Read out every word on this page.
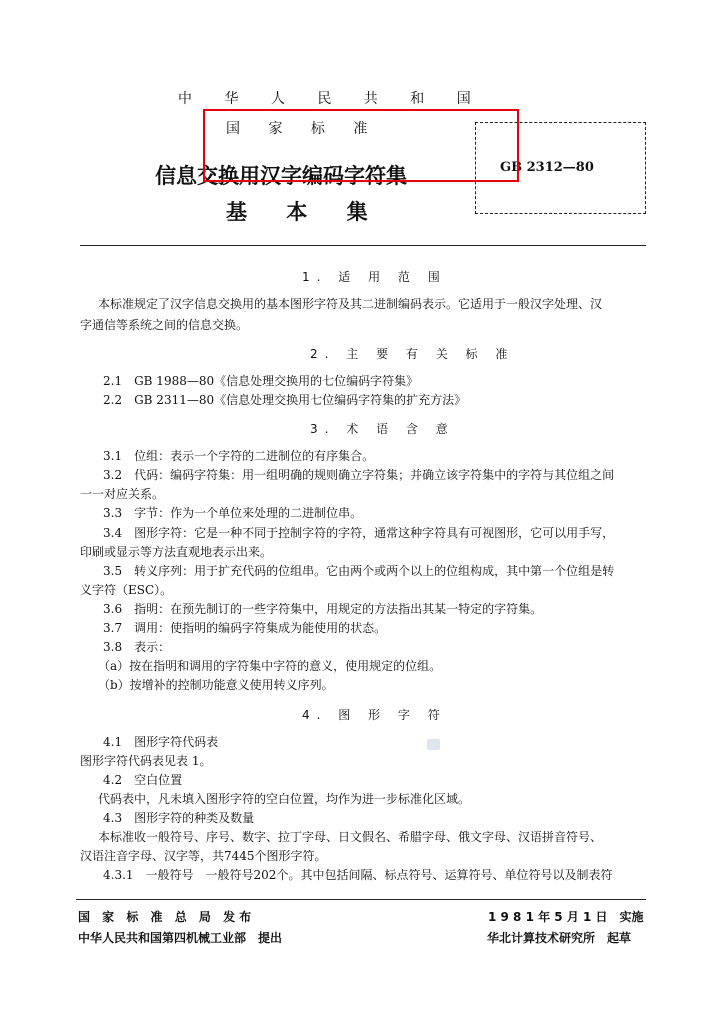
中 华 人 民 共 和 国
国 家 标 准
信息交换用汉字编码字符集
基 本 集
GB 2312—80
1. 适 用 范 围
本标准规定了汉字信息交换用的基本图形字符及其二进制编码表示。它适用于一般汉字处理、汉
字通信等系统之间的信息交换。
2. 主 要 有 关 标 准
2.1　GB 1988—80《信息处理交换用的七位编码字符集》
2.2　GB 2311—80《信息处理交换用七位编码字符集的扩充方法》
3. 术 语 含 意
3.1　位组：表示一个字符的二进制位的有序集合。
3.2　代码：编码字符集：用一组明确的规则确立字符集；并确立该字符集中的字符与其位组之间
一一对应关系。
3.3　字节：作为一个单位来处理的二进制位串。
3.4　图形字符：它是一种不同于控制字符的字符，通常这种字符具有可视图形，它可以用手写，
印刷或显示等方法直观地表示出来。
3.5　转义序列：用于扩充代码的位组串。它由两个或两个以上的位组构成，其中第一个位组是转
义字符（ESC）。
3.6　指明：在预先制订的一些字符集中，用规定的方法指出其某一特定的字符集。
3.7　调用：使指明的编码字符集成为能使用的状态。
3.8　表示：
（a）按在指明和调用的字符集中字符的意义，使用规定的位组。
（b）按增补的控制功能意义使用转义序列。
4. 图 形 字 符
4.1　图形字符代码表
图形字符代码表见表 1。
4.2　空白位置
代码表中，凡未填入图形字符的空白位置，均作为进一步标准化区域。
4.3　图形字符的种类及数量
本标准收一般符号、序号、数字、拉丁字母、日文假名、希腊字母、俄文字母、汉语拼音符号、
汉语注音字母、汉字等，共7445个图形字符。
4.3.1　一般符号　一般符号202个。其中包括间隔、标点符号、运算符号、单位符号以及制表符
国 家 标 准 总 局 发布	1 9 8 1 年 5 月 1 日　实施
中华人民共和国第四机械工业部　提出	华北计算技术研究所　起草
